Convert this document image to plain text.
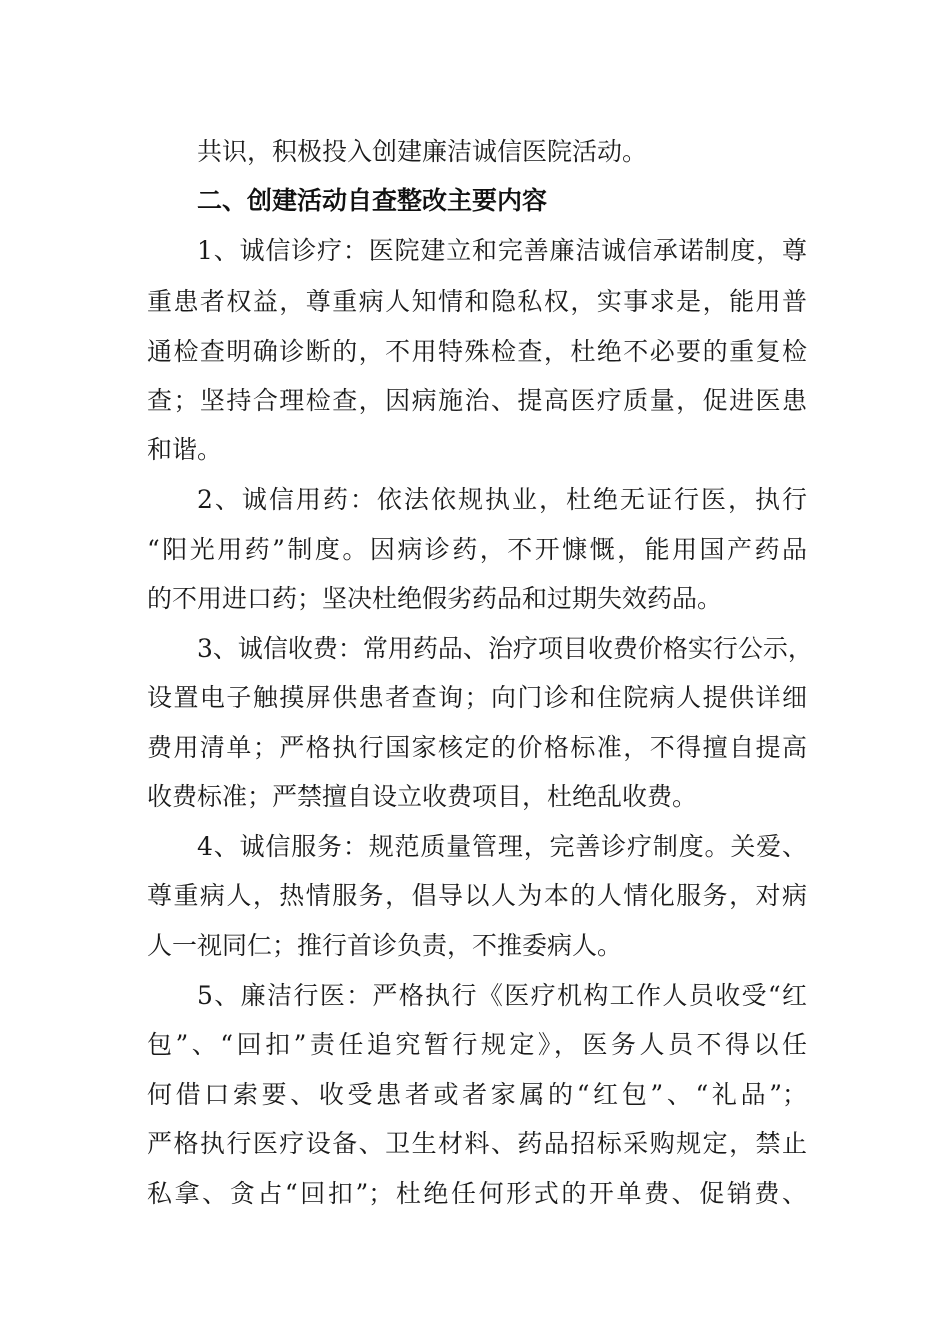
共识，积极投入创建廉洁诚信医院活动。
二、创建活动自查整改主要内容
1、诚信诊疗：医院建立和完善廉洁诚信承诺制度，尊
重患者权益，尊重病人知情和隐私权，实事求是，能用普
通检查明确诊断的，不用特殊检查，杜绝不必要的重复检
查；坚持合理检查，因病施治、提高医疗质量，促进医患
和谐。
2、诚信用药：依法依规执业，杜绝无证行医，执行
“阳光用药”制度。因病诊药，不开慷慨，能用国产药品
的不用进口药；坚决杜绝假劣药品和过期失效药品。
3、诚信收费：常用药品、治疗项目收费价格实行公示，
设置电子触摸屏供患者查询；向门诊和住院病人提供详细
费用清单；严格执行国家核定的价格标准，不得擅自提高
收费标准；严禁擅自设立收费项目，杜绝乱收费。
4、诚信服务：规范质量管理，完善诊疗制度。关爱、
尊重病人，热情服务，倡导以人为本的人情化服务，对病
人一视同仁；推行首诊负责，不推委病人。
5、廉洁行医：严格执行《医疗机构工作人员收受“红
包”、“回扣”责任追究暂行规定》，医务人员不得以任
何借口索要、收受患者或者家属的“红包”、“礼品”；
严格执行医疗设备、卫生材料、药品招标采购规定，禁止
私拿、贪占“回扣”；杜绝任何形式的开单费、促销费、
